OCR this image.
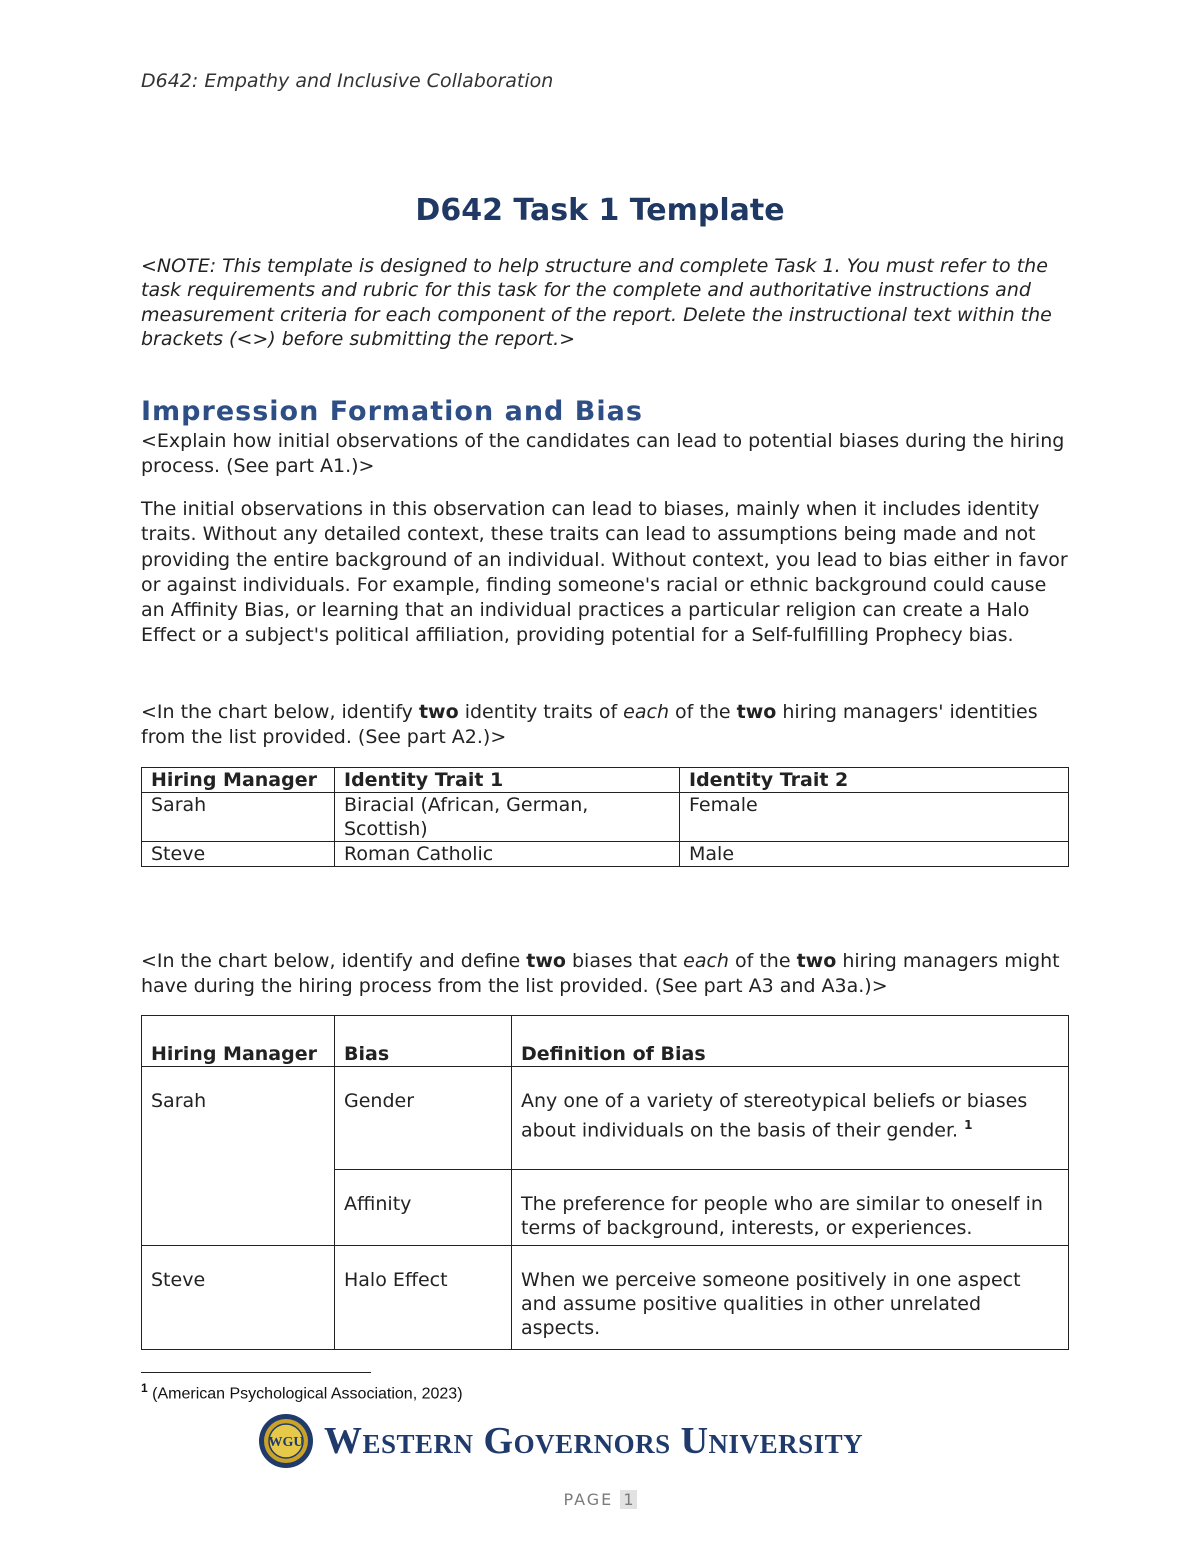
D642: Empathy and Inclusive Collaboration
D642 Task 1 Template
<NOTE: This template is designed to help structure and complete Task 1. You must refer to the task requirements and rubric for this task for the complete and authoritative instructions and measurement criteria for each component of the report. Delete the instructional text within the brackets (<>) before submitting the report.>
Impression Formation and Bias
<Explain how initial observations of the candidates can lead to potential biases during the hiring process. (See part A1.)>
The initial observations in this observation can lead to biases, mainly when it includes identity traits. Without any detailed context, these traits can lead to assumptions being made and not providing the entire background of an individual. Without context, you lead to bias either in favor or against individuals. For example, finding someone's racial or ethnic background could cause an Affinity Bias, or learning that an individual practices a particular religion can create a Halo Effect or a subject's political affiliation, providing potential for a Self-fulfilling Prophecy bias.
<In the chart below, identify two identity traits of each of the two hiring managers' identities from the list provided. (See part A2.)>
Hiring Manager	Identity Trait 1	Identity Trait 2
Sarah	Biracial (African, German, Scottish)	Female
Steve	Roman Catholic	Male
<In the chart below, identify and define two biases that each of the two hiring managers might have during the hiring process from the list provided. (See part A3 and A3a.)>
Hiring Manager	Bias	Definition of Bias
Sarah	Gender	Any one of a variety of stereotypical beliefs or biases about individuals on the basis of their gender. $^1$
	Affinity	The preference for people who are similar to oneself in terms of background, interests, or experiences.
Steve	Halo Effect	When we perceive someone positively in one aspect and assume positive qualities in other unrelated aspects.
$^1$ (American Psychological Association, 2023)
WGU Western Governors University
PAGE 1
